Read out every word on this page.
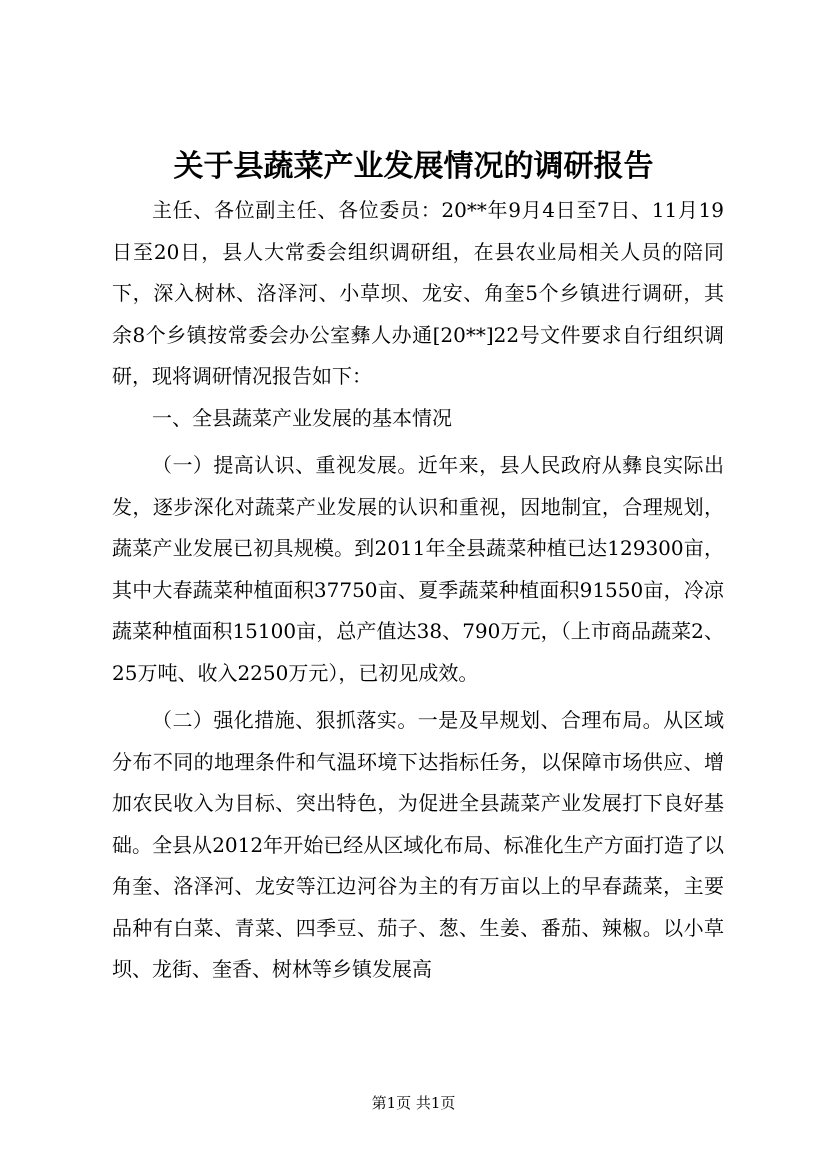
关于县蔬菜产业发展情况的调研报告

主任、各位副主任、各位委员：20**年9月4日至7日、11月19日至20日，县人大常委会组织调研组，在县农业局相关人员的陪同下，深入树林、洛泽河、小草坝、龙安、角奎5个乡镇进行调研，其余8个乡镇按常委会办公室彝人办通[20**]22号文件要求自行组织调研，现将调研情况报告如下：

一、全县蔬菜产业发展的基本情况

（一）提高认识、重视发展。近年来，县人民政府从彝良实际出发，逐步深化对蔬菜产业发展的认识和重视，因地制宜，合理规划，蔬菜产业发展已初具规模。到2011年全县蔬菜种植已达129300亩，其中大春蔬菜种植面积37750亩、夏季蔬菜种植面积91550亩，冷凉蔬菜种植面积15100亩，总产值达38、790万元，（上市商品蔬菜2、25万吨、收入2250万元），已初见成效。

（二）强化措施、狠抓落实。一是及早规划、合理布局。从区域分布不同的地理条件和气温环境下达指标任务，以保障市场供应、增加农民收入为目标、突出特色，为促进全县蔬菜产业发展打下良好基础。全县从2012年开始已经从区域化布局、标准化生产方面打造了以角奎、洛泽河、龙安等江边河谷为主的有万亩以上的早春蔬菜，主要品种有白菜、青菜、四季豆、茄子、葱、生姜、番茄、辣椒。以小草坝、龙街、奎香、树林等乡镇发展高

第1页 共1页
